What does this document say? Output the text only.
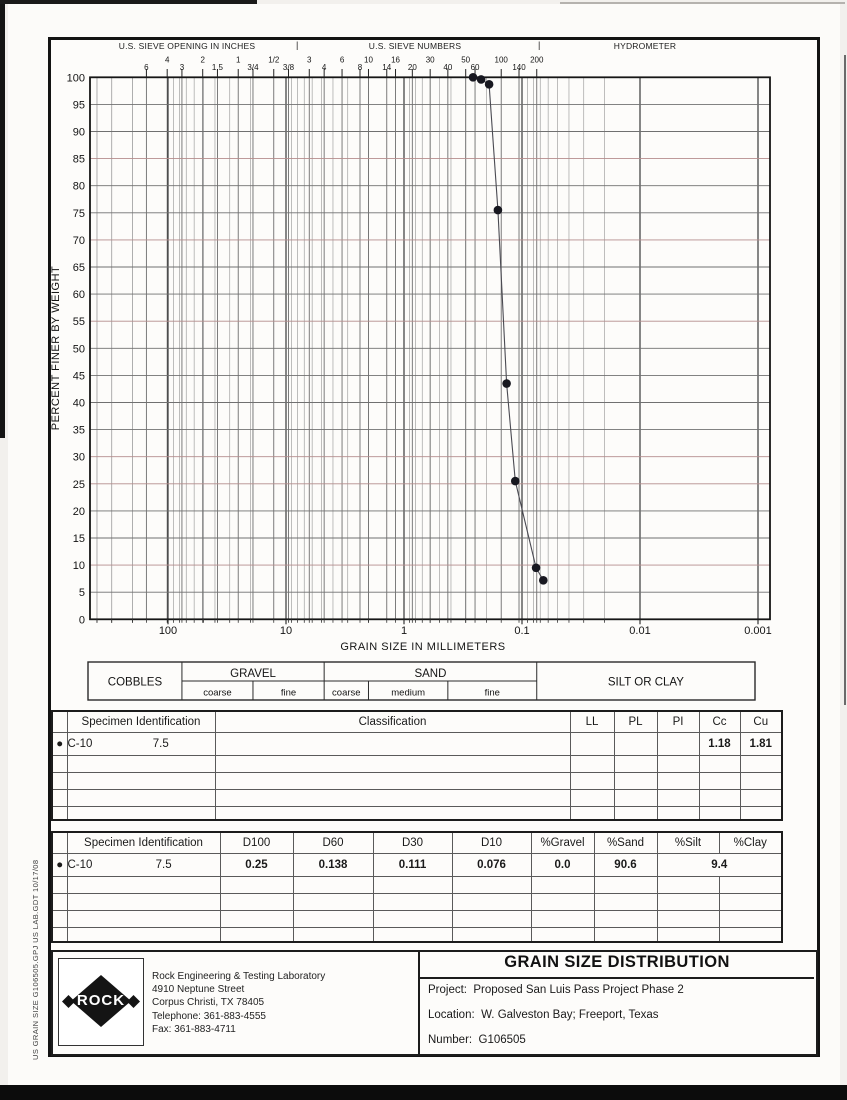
U.S. SIEVE OPENING IN INCHES	|	U.S. SIEVE NUMBERS	|	HYDROMETER
0
5
10
15
20
25
30
35
40
45
50
55
60
65
70
75
80
85
90
95
100
6
4
3
2
1.5
1
3/4
1/2
3/8
3
4
6
8
10
14
16
20
30
40
50
60
100
140
200
100	10	1	0.1	0.01	0.001
GRAIN SIZE IN MILLIMETERS
PERCENT FINER BY WEIGHT
COBBLES
GRAVEL	SAND
SILT OR CLAY
coarse	fine	coarse	medium	fine
	Specimen Identification	Classification	LL	PL	PI	Cc	Cu
●	C-10 7.5					1.18	1.81

	Specimen Identification	D100	D60	D30	D10	%Gravel	%Sand	%Silt	%Clay
●	C-10 7.5	0.25	0.138	0.111	0.076	0.0	90.6	9.4	

ROCK
Rock Engineering & Testing Laboratory
4910 Neptune Street
Corpus Christi, TX 78405
Telephone: 361-883-4555
Fax: 361-883-4711
GRAIN SIZE DISTRIBUTION
Project: Proposed San Luis Pass Project Phase 2
Location: W. Galveston Bay; Freeport, Texas
Number: G106505
US GRAIN SIZE G106505.GPJ US LAB.GDT 10/17/08
